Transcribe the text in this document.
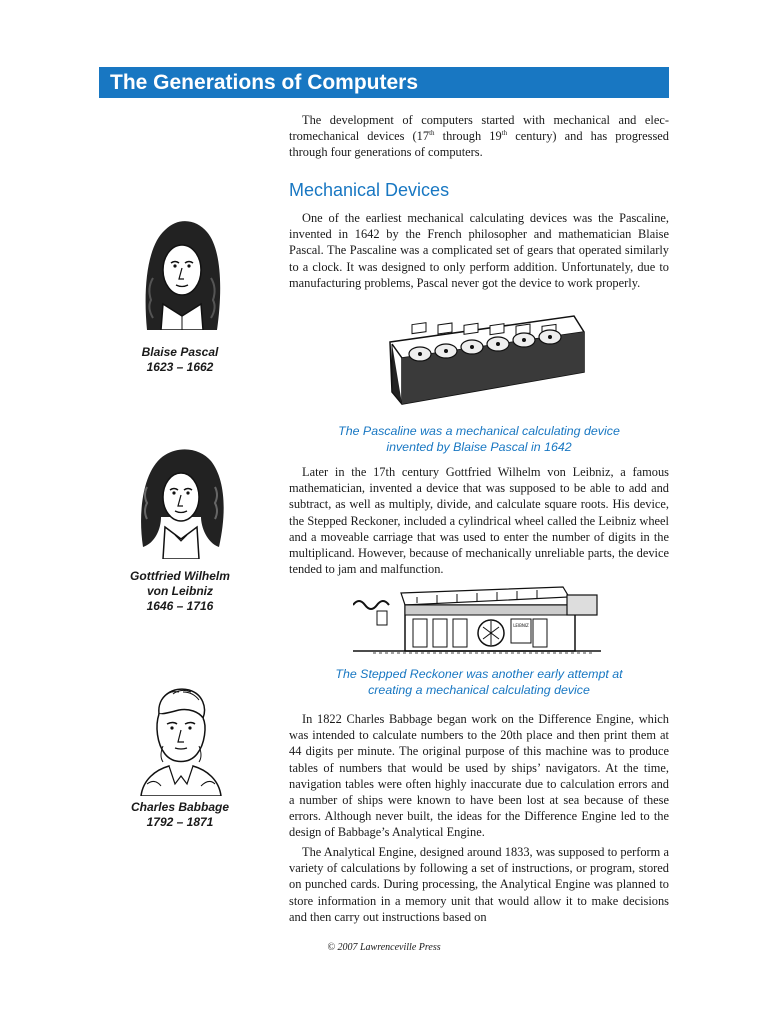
The Generations of Computers

The development of computers started with mechanical and electromechanical devices (17th through 19th century) and has progressed through four generations of computers.

Mechanical Devices

One of the earliest mechanical calculating devices was the Pascaline, invented in 1642 by the French philosopher and mathematician Blaise Pascal. The Pascaline was a complicated set of gears that operated similarly to a clock. It was designed to only perform addition. Unfortunately, due to manufacturing problems, Pascal never got the device to work properly.

Blaise Pascal
1623 – 1662

The Pascaline was a mechanical calculating device
invented by Blaise Pascal in 1642

Gottfried Wilhelm
von Leibniz
1646 – 1716

Later in the 17th century Gottfried Wilhelm von Leibniz, a famous mathematician, invented a device that was supposed to be able to add and subtract, as well as multiply, divide, and calculate square roots. His device, the Stepped Reckoner, included a cylindrical wheel called the Leibniz wheel and a moveable carriage that was used to enter the number of digits in the multiplicand. However, because of mechanically unreliable parts, the device tended to jam and malfunction.

LEIBNIZ

The Stepped Reckoner was another early attempt at
creating a mechanical calculating device

Charles Babbage
1792 – 1871

In 1822 Charles Babbage began work on the Difference Engine, which was intended to calculate numbers to the 20th place and then print them at 44 digits per minute. The original purpose of this machine was to produce tables of numbers that would be used by ships’ navigators. At the time, navigation tables were often highly inaccurate due to calculation errors and a number of ships were known to have been lost at sea because of these errors. Although never built, the ideas for the Difference Engine led to the design of Babbage’s Analytical Engine.

The Analytical Engine, designed around 1833, was supposed to perform a variety of calculations by following a set of instructions, or program, stored on punched cards. During processing, the Analytical Engine was planned to store information in a memory unit that would allow it to make decisions and then carry out instructions based on

© 2007 Lawrenceville Press
